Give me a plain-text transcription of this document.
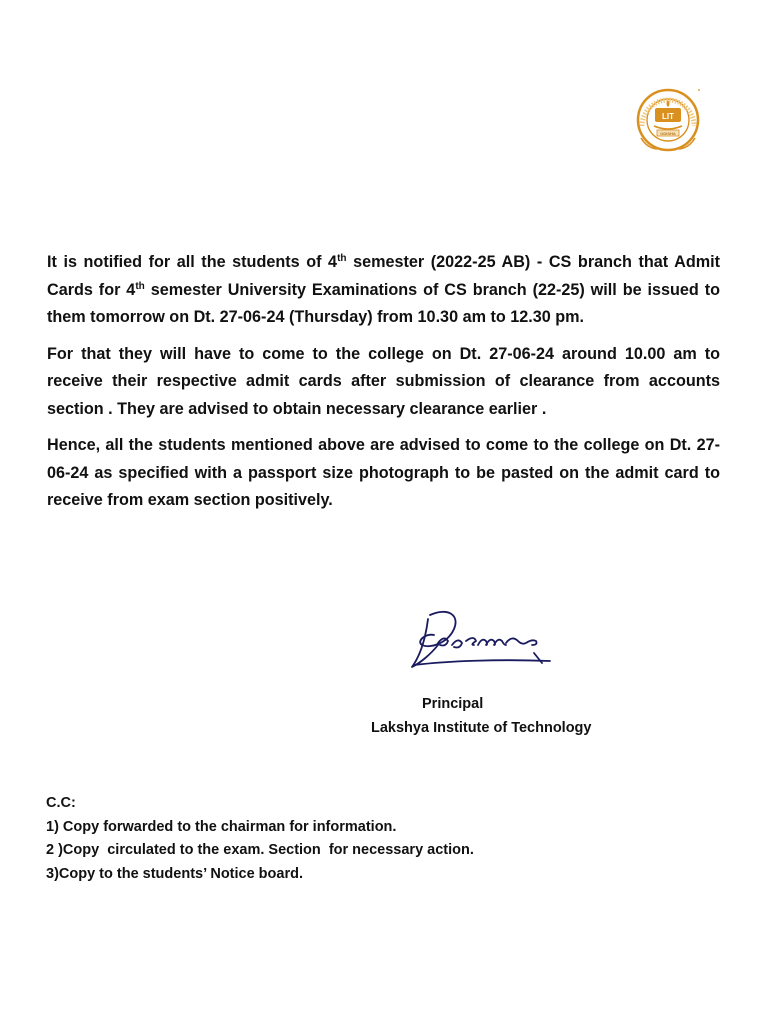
LIT
ODISHA

It is notified for all the students of 4th semester (2022-25 AB) - CS branch that Admit Cards for 4th semester University Examinations of CS branch (22-25) will be issued to them tomorrow on Dt. 27-06-24 (Thursday) from 10.30 am to 12.30 pm.

For that they will have to come to the college on Dt. 27-06-24 around 10.00 am to receive their respective admit cards after submission of clearance from accounts section . They are advised to obtain necessary clearance earlier .

Hence, all the students mentioned above are advised to come to the college on Dt. 27-06-24 as specified with a passport size photograph to be pasted on the admit card to receive from exam section positively.

Principal
Lakshya Institute of Technology
C.C:
1) Copy forwarded to the chairman for information.
2 )Copy  circulated to the exam. Section  for necessary action.
3)Copy to the students’ Notice board.
